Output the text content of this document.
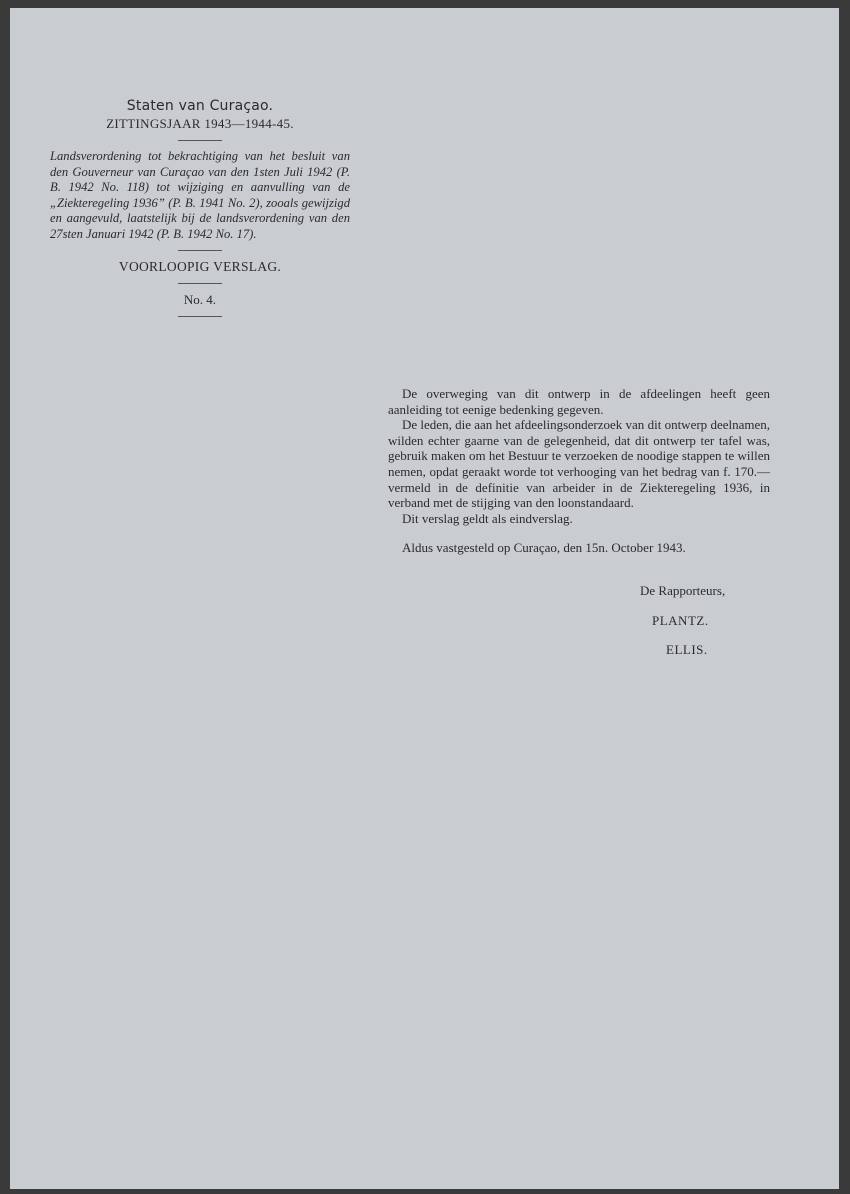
Staten van Curaçao.

ZITTINGSJAAR 1943—1944-45.

Landsverordening tot bekrachtiging van het besluit van den Gouverneur van Curaçao van den 1sten Juli 1942 (P. B. 1942 No. 118) tot wijziging en aanvulling van de „Ziekteregeling 1936” (P. B. 1941 No. 2), zooals gewijzigd en aangevuld, laatstelijk bij de landsverordening van den 27sten Januari 1942 (P. B. 1942 No. 17).

VOORLOOPIG VERSLAG.

No. 4.

De overweging van dit ontwerp in de afdeelingen heeft geen aanleiding tot eenige bedenking gegeven.

De leden, die aan het afdeelingsonderzoek van dit ontwerp deelnamen, wilden echter gaarne van de gelegenheid, dat dit ontwerp ter tafel was, gebruik maken om het Bestuur te verzoeken de noodige stappen te willen nemen, opdat geraakt worde tot verhooging van het bedrag van f. 170.— vermeld in de definitie van arbeider in de Ziekteregeling 1936, in verband met de stijging van den loonstandaard.

Dit verslag geldt als eindverslag.

Aldus vastgesteld op Curaçao, den 15n. October 1943.

De Rapporteurs,
PLANTZ.
ELLIS.
